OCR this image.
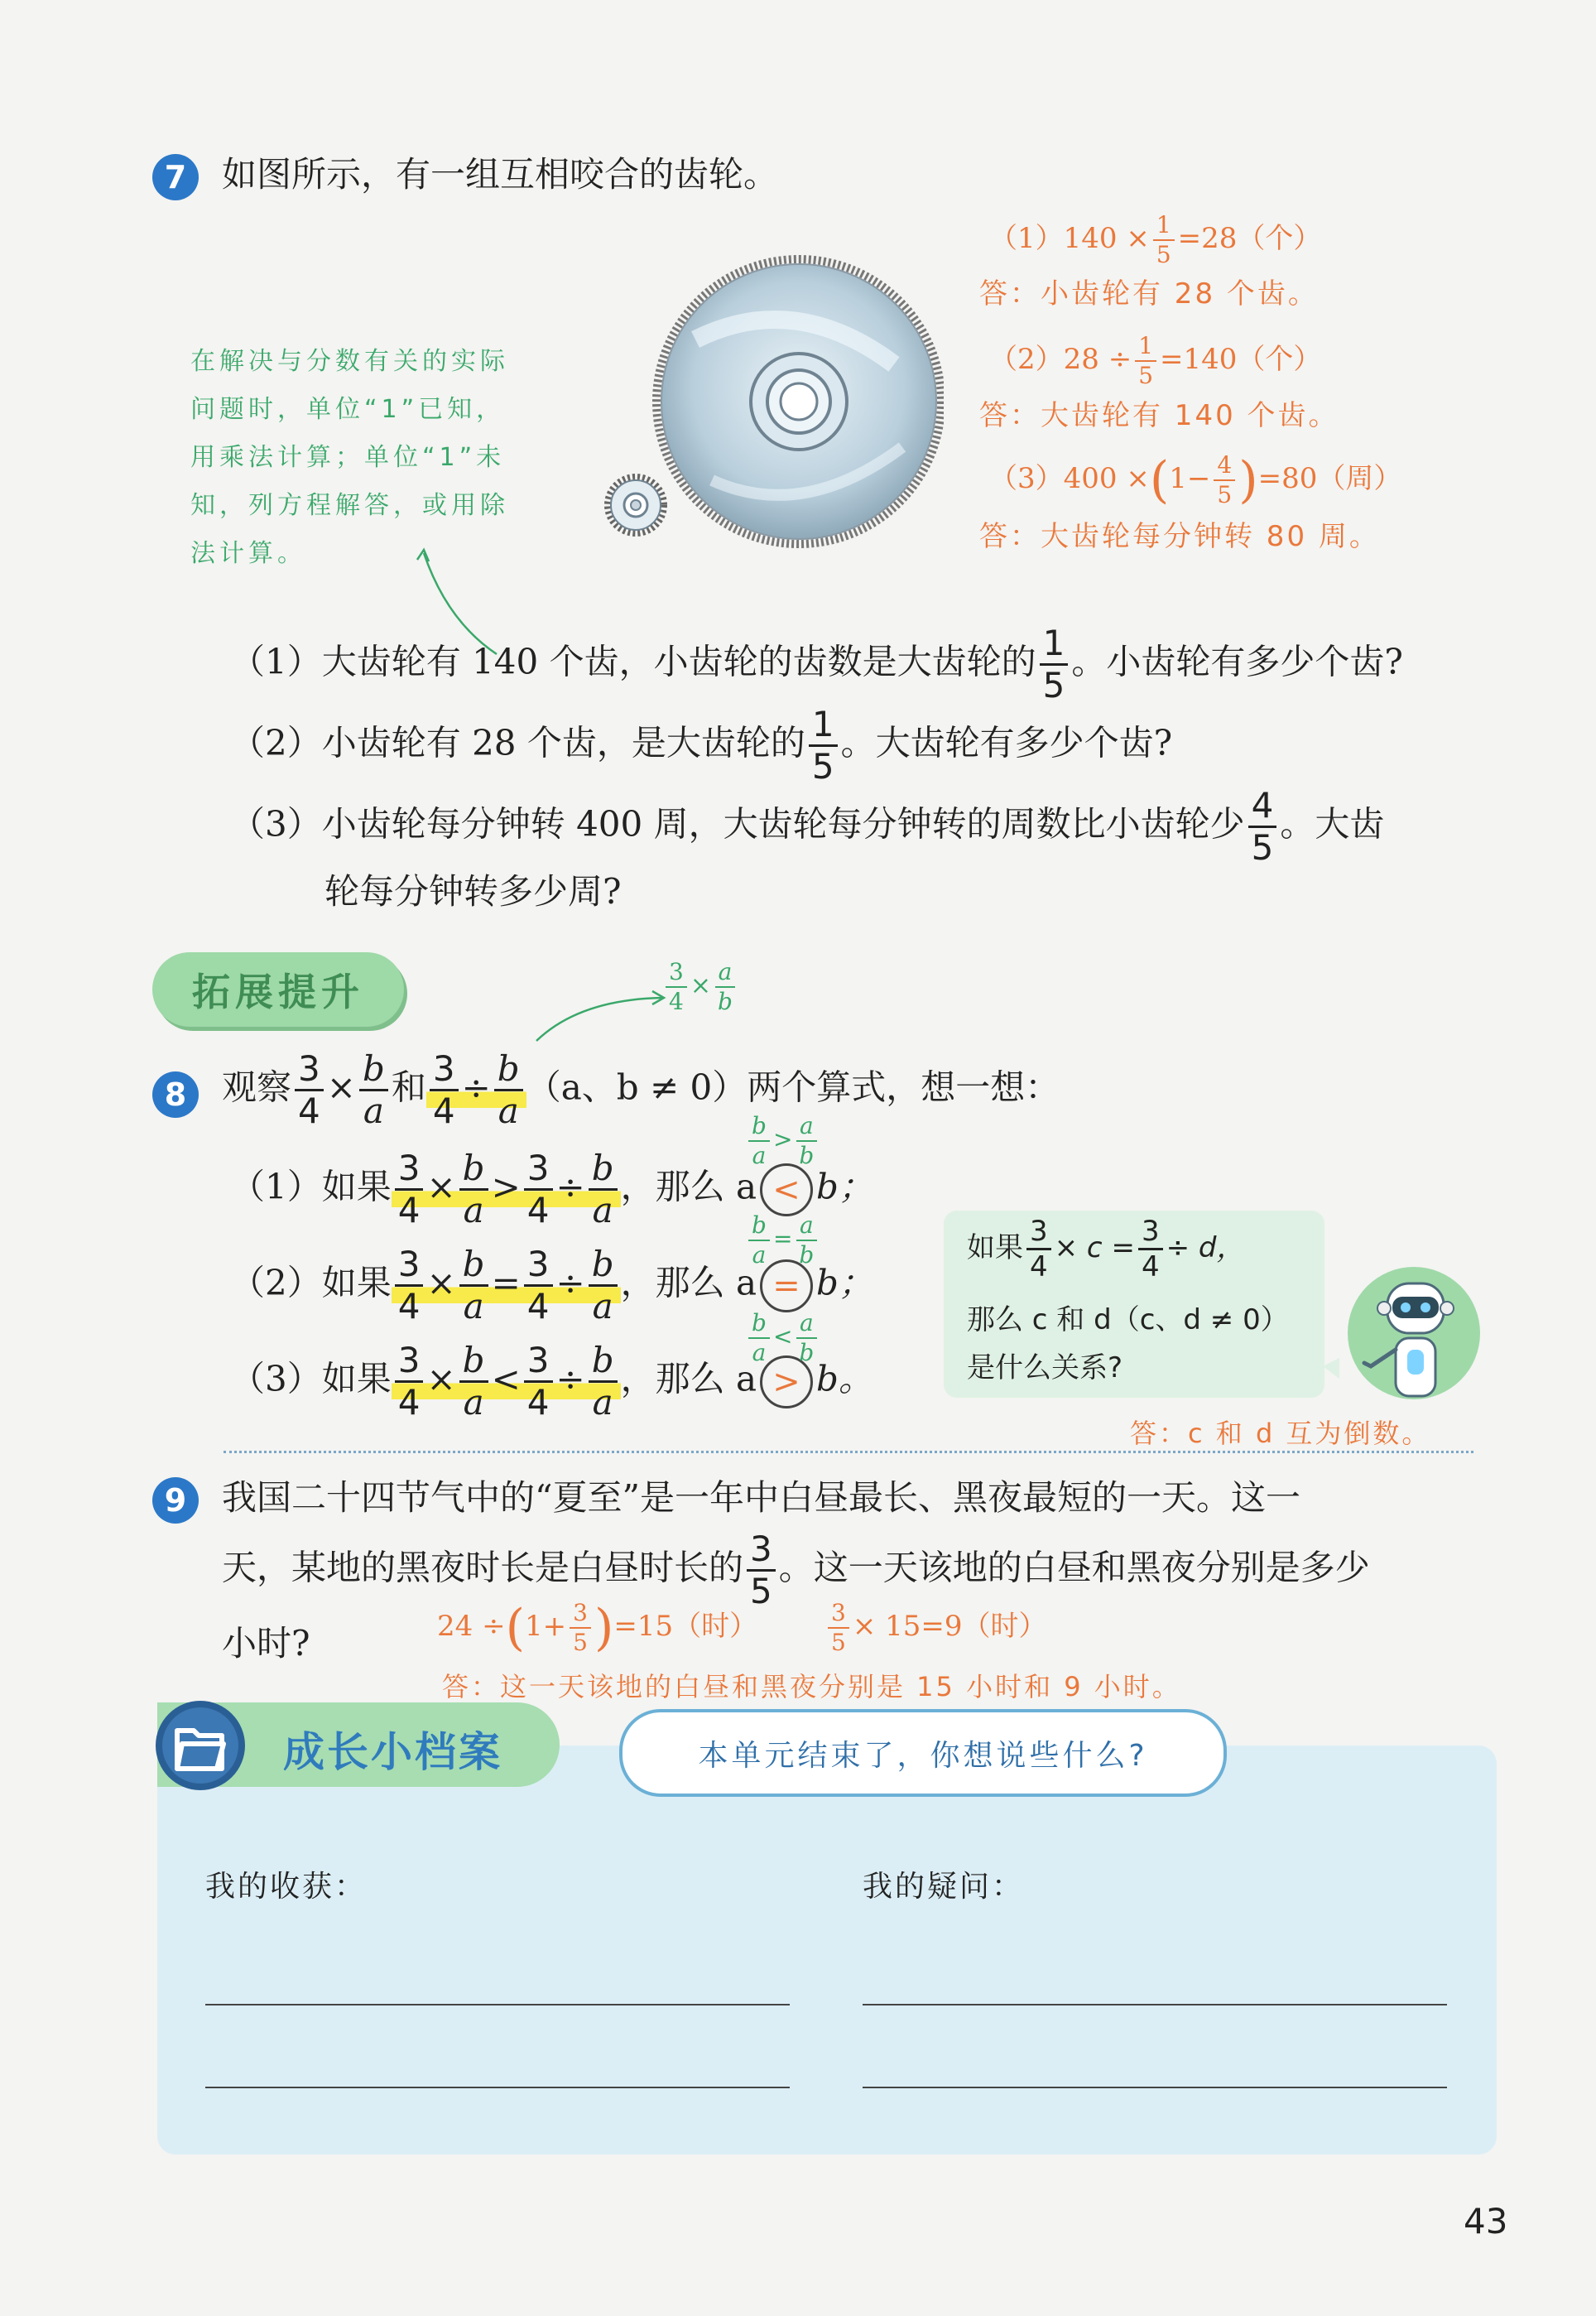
7 如图所示，有一组互相咬合的齿轮。
在解决与分数有关的实际
问题时，单位“1”已知，
用乘法计算；单位“1”未
知，列方程解答，或用除
法计算。
$(1)140 \times \frac{1}{5} =28$（个）
答：小齿轮有 28 个齿。
$(2)28 \div \frac{1}{5} =140$（个）
答：大齿轮有 140 个齿。
$(3)400 \times(1- \frac{4}{5} )=80$（周）
答：大齿轮每分钟转 80 周。
（1）大齿轮有 140 个齿，小齿轮的齿数是大齿轮的 $\frac{1}{5}$ 。小齿轮有多少个齿?
（2）小齿轮有 28 个齿，是大齿轮的 $\frac{1}{5}$ 。大齿轮有多少个齿?
（3）小齿轮每分钟转 400 周，大齿轮每分钟转的周数比小齿轮少 $\frac{4}{5}$ 。大齿
轮每分钟转多少周?
拓展提升	$\frac{3}{4} \times \frac{a}{b}$
8 观察 $\frac{3}{4} \times \frac{b}{a}$ 和 $\frac{3}{4} \div \frac{b}{a} (a$、b ≠ 0）两个算式，想一想：
（1）如果 $\frac{3}{4} \times \frac{b}{a} > \frac{3}{4} \div \frac{b}{a}$ ，那么 a < b；
$\frac{b}{a} > \frac{a}{b}$
（2）如果 $\frac{3}{4} \times \frac{b}{a} = \frac{3}{4} \div \frac{b}{a}$ ，那么 a = b；
$\frac{b}{a} = \frac{a}{b}$
（3）如果 $\frac{3}{4} \times \frac{b}{a} < \frac{3}{4} \div \frac{b}{a}$ ，那么 a > b。
$\frac{b}{a} < \frac{a}{b}$
如果 $\frac{3}{4} \times c = \frac{3}{4} \div d$，
那么 c 和 d（c、d ≠ 0）
是什么关系?
答：c 和 d 互为倒数。
9 我国二十四节气中的“夏至”是一年中白昼最长、黑夜最短的一天。这一
天，某地的黑夜时长是白昼时长的 $\frac{3}{5}$ 。这一天该地的白昼和黑夜分别是多少
小时?	$24 \div(1+ \frac{3}{5} )=15$（时）	$\frac{3}{5} \times 15=9$（时）
答：这一天该地的白昼和黑夜分别是 15 小时和 9 小时。
成长小档案	本单元结束了，你想说些什么?
我的收获：	我的疑问：
43
